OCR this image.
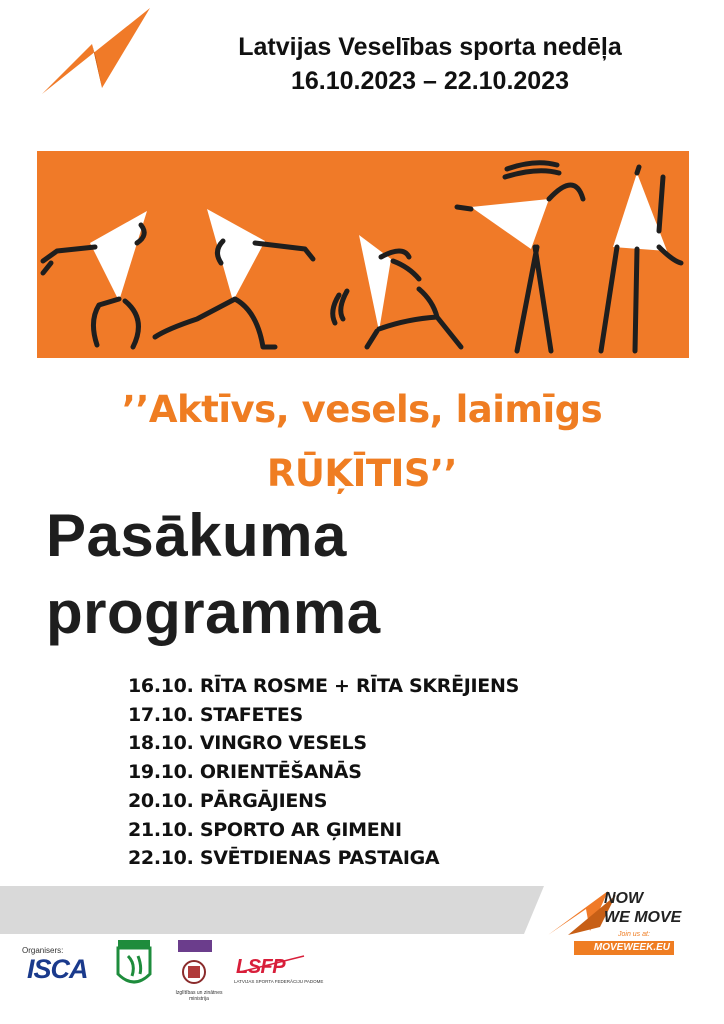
Latvijas Veselības sporta nedēļa
16.10.2023 – 22.10.2023
’’Aktīvs, vesels, laimīgs
RŪĶĪTIS’’
Pasākuma
programma
16.10. RĪTA ROSME + RĪTA SKRĒJIENS
17.10. STAFETES
18.10. VINGRO VESELS
19.10. ORIENTĒŠANĀS
20.10. PĀRGĀJIENS
21.10. SPORTO AR ĢIMENI
22.10. SVĒTDIENAS PASTAIGA
NOW
WE MOVE
Join us at:
MOVEWEEK.EU
Organisers:
ISCA
Izglītības un zinātnes ministrija
LSFP
LATVIJAS SPORTA FEDERĀCIJU PADOME
